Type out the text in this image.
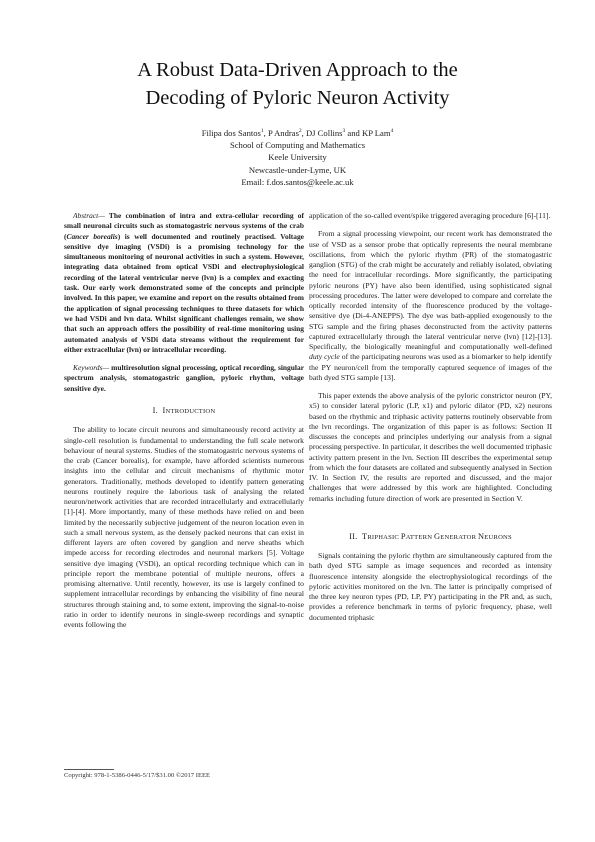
A Robust Data-Driven Approach to the
Decoding of Pyloric Neuron Activity
Filipa dos Santos$^1$, P Andras$^2$, DJ Collins$^3$ and KP Lam$^4$
School of Computing and Mathematics
Keele University
Newcastle-under-Lyme, UK
Email: f.dos.santos@keele.ac.uk

Abstract— The combination of intra and extra-cellular recording of small neuronal circuits such as stomatogastric nervous systems of the crab (Cancer borealis) is well documented and routinely practised. Voltage sensitive dye imaging (VSDi) is a promising technology for the simultaneous monitoring of neuronal activities in such a system. However, integrating data obtained from optical VSDi and electrophysiological recording of the lateral ventricular nerve (lvn) is a complex and exacting task. Our early work demonstrated some of the concepts and principle involved. In this paper, we examine and report on the results obtained from the application of signal processing techniques to three datasets for which we had VSDi and lvn data. Whilst significant challenges remain, we show that such an approach offers the possibility of real-time monitoring using automated analysis of VSDi data streams without the requirement for either extracellular (lvn) or intracellular recording.

Keywords— multiresolution signal processing, optical recording, singular spectrum analysis, stomatogastric ganglion, pyloric rhythm, voltage sensitive dye.

I. INTRODUCTION

The ability to locate circuit neurons and simultaneously record activity at single-cell resolution is fundamental to understanding the full scale network behaviour of neural systems. Studies of the stomatogastric nervous systems of the crab (Cancer borealis), for example, have afforded scientists numerous insights into the cellular and circuit mechanisms of rhythmic motor generators. Traditionally, methods developed to identify pattern generating neurons routinely require the laborious task of analysing the related neuron/network activities that are recorded intracellularly and extracellularly [1]-[4]. More importantly, many of these methods have relied on and been limited by the necessarily subjective judgement of the neuron location even in such a small nervous system, as the densely packed neurons that can exist in different layers are often covered by ganglion and nerve sheaths which impede access for recording electrodes and neuronal markers [5]. Voltage sensitive dye imaging (VSDi), an optical recording technique which can in principle report the membrane potential of multiple neurons, offers a promising alternative. Until recently, however, its use is largely confined to supplement intracellular recordings by enhancing the visibility of fine neural structures through staining and, to some extent, improving the signal-to-noise ratio in order to identify neurons in single-sweep recordings and synaptic events following the

application of the so-called event/spike triggered averaging procedure [6]-[11].

From a signal processing viewpoint, our recent work has demonstrated the use of VSD as a sensor probe that optically represents the neural membrane oscillations, from which the pyloric rhythm (PR) of the stomatogastric ganglion (STG) of the crab might be accurately and reliably isolated, obviating the need for intracellular recordings. More significantly, the participating pyloric neurons (PY) have also been identified, using sophisticated signal processing procedures. The latter were developed to compare and correlate the optically recorded intensity of the fluorescence produced by the voltage-sensitive dye (Di-4-ANEPPS). The dye was bath-applied exogenously to the STG sample and the firing phases deconstructed from the activity patterns captured extracellularly through the lateral ventricular nerve (lvn) [12]-[13]. Specifically, the biologically meaningful and computationally well-defined duty cycle of the participating neurons was used as a biomarker to help identify the PY neuron/cell from the temporally captured sequence of images of the bath dyed STG sample [13].

This paper extends the above analysis of the pyloric constrictor neuron (PY, x5) to consider lateral pyloric (LP, x1) and pyloric dilator (PD, x2) neurons based on the rhythmic and triphasic activity patterns routinely observable from the lvn recordings. The organization of this paper is as follows: Section II discusses the concepts and principles underlying our analysis from a signal processing perspective. In particular, it describes the well documented triphasic activity pattern present in the lvn. Section III describes the experimental setup from which the four datasets are collated and subsequently analysed in Section IV. In Section IV, the results are reported and discussed, and the major challenges that were addressed by this work are highlighted. Concluding remarks including future direction of work are presented in Section V.

II. TRIPHASIC PATTERN GENERATOR NEURONS

Signals containing the pyloric rhythm are simultaneously captured from the bath dyed STG sample as image sequences and recorded as intensity fluorescence intensity alongside the electrophysiological recordings of the pyloric activities monitored on the lvn. The latter is principally comprised of the three key neuron types (PD, LP, PY) participating in the PR and, as such, provides a reference benchmark in terms of pyloric frequency, phase, well documented triphasic

Copyright: 978-1-5386-0446-5/17/$31.00 ©2017 IEEE
